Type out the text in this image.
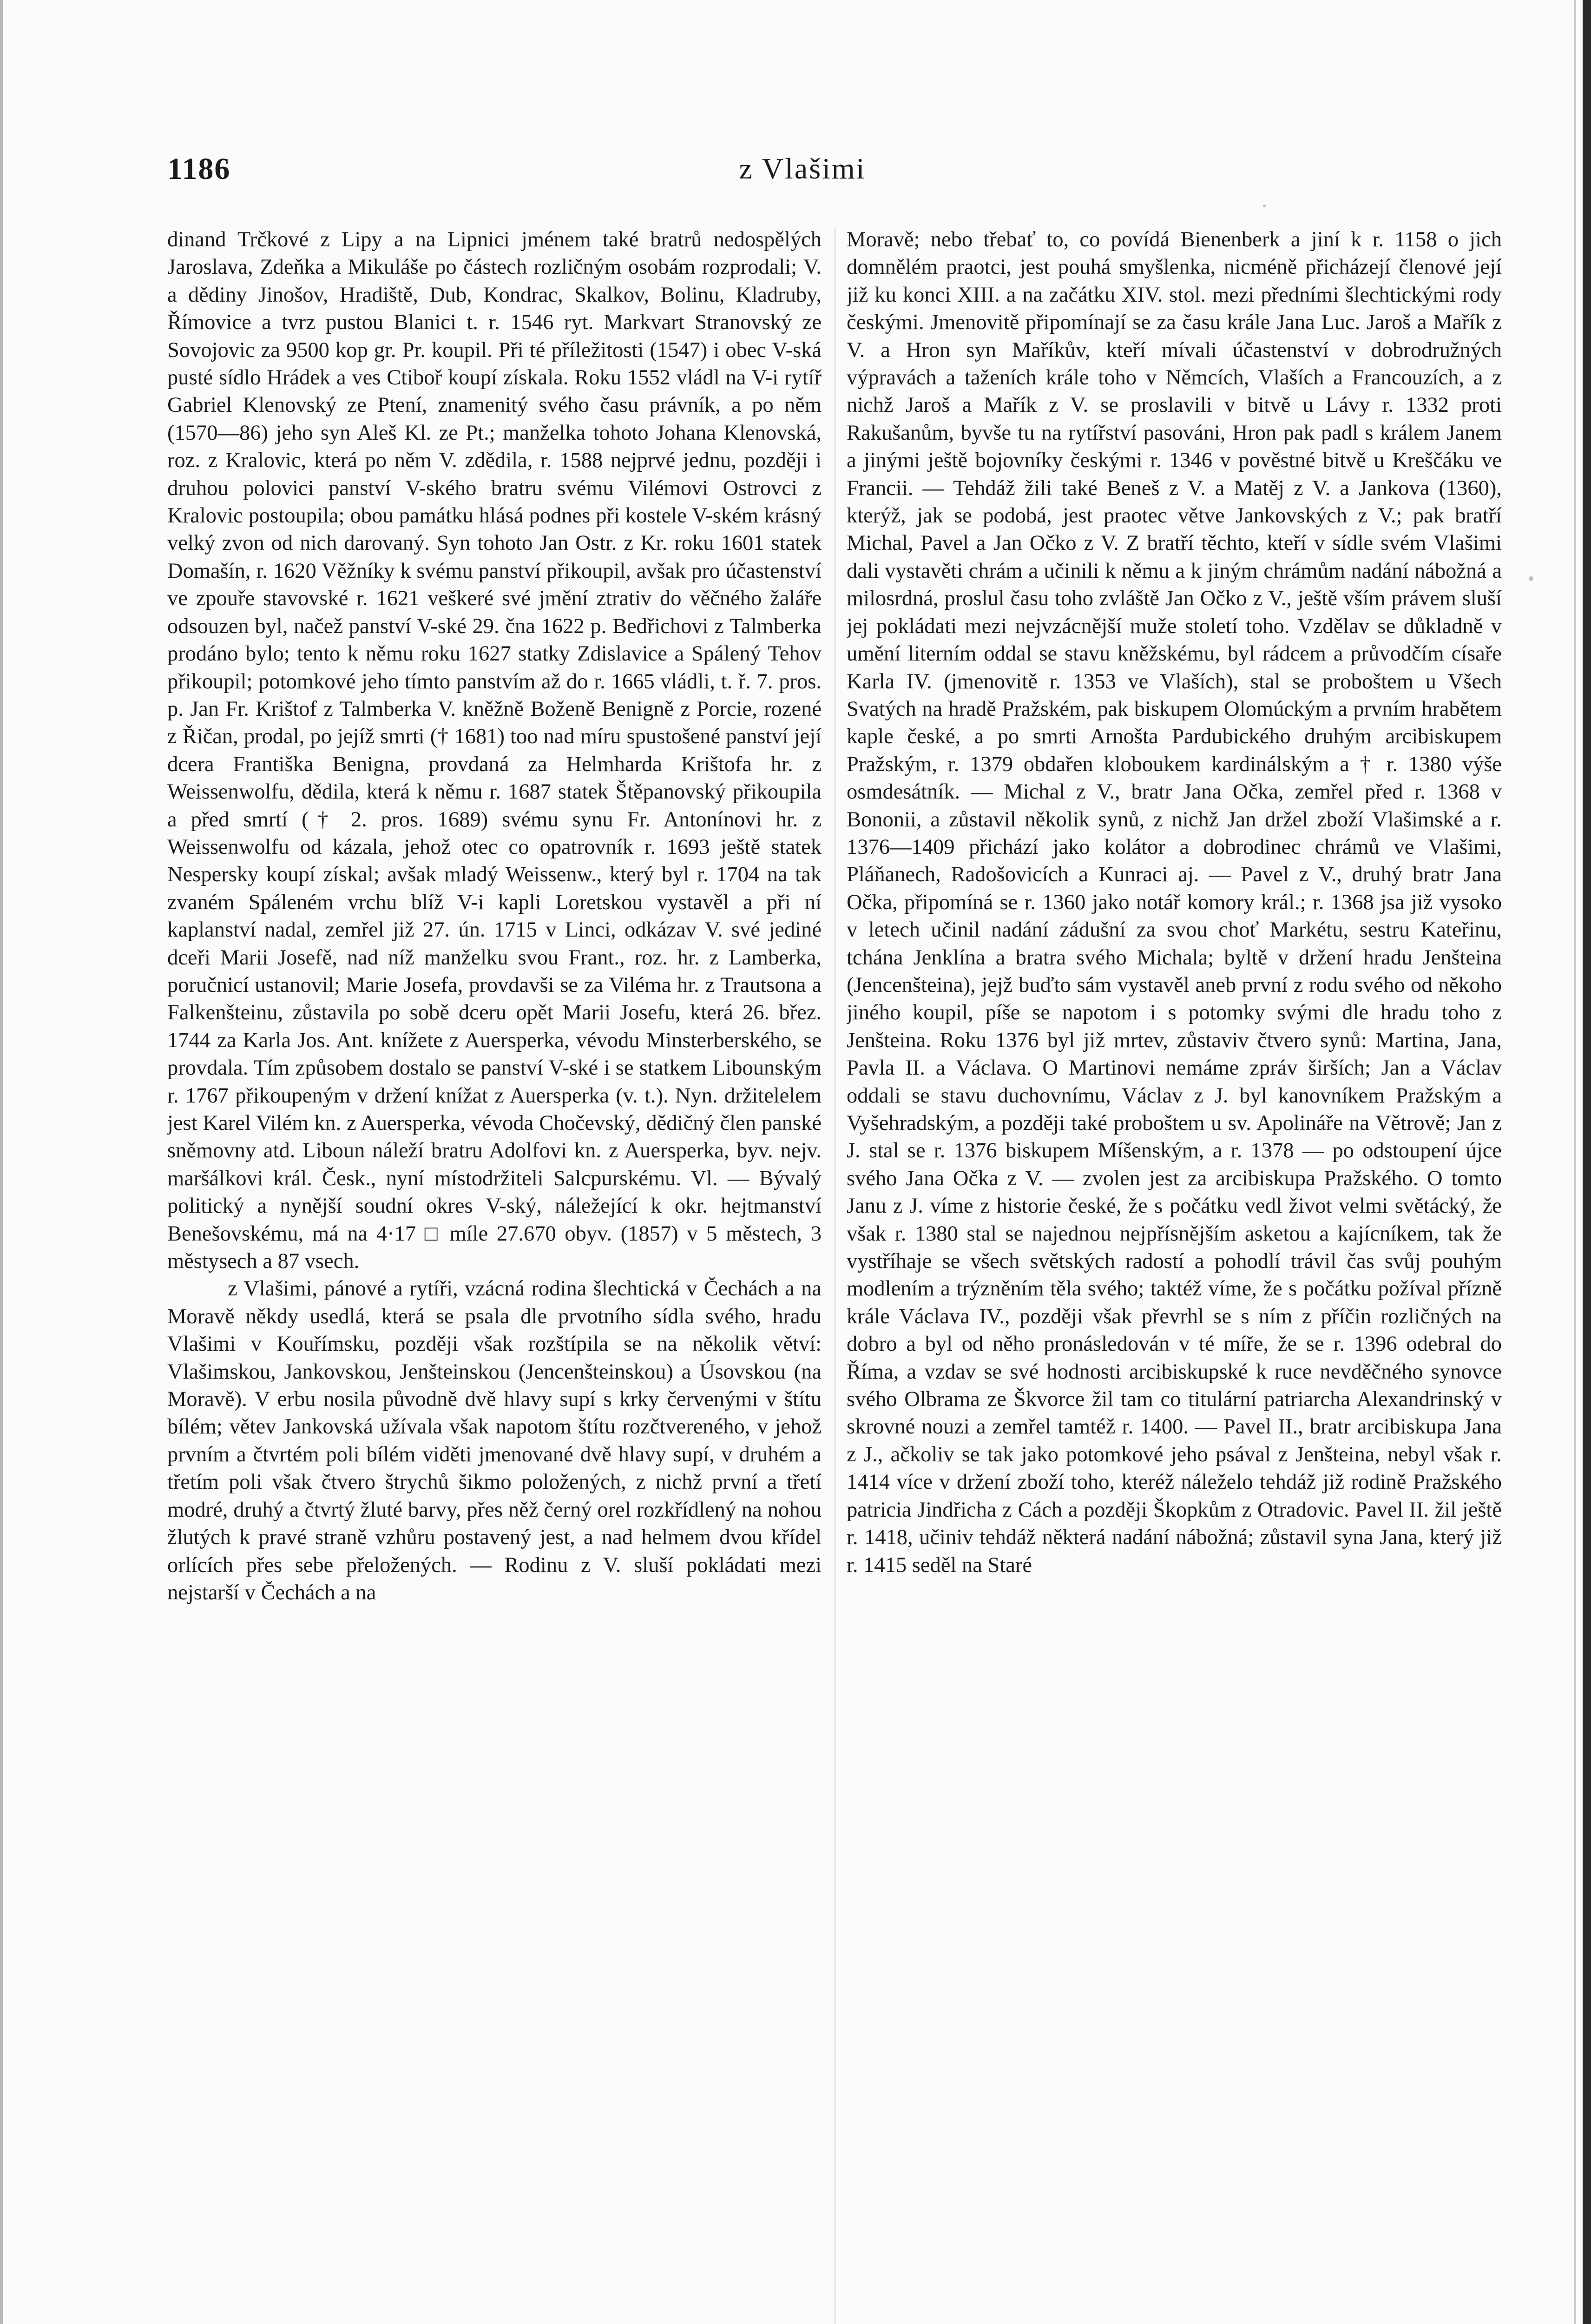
1186	z Vlašimi

dinand Trčkové z Lipy a na Lipnici jménem také bratrů nedospělých Jaroslava, Zdeňka a Mikuláše po částech rozličným osobám rozprodali; V. a dědiny Jinošov, Hradiště, Dub, Kondrac, Skalkov, Bolinu, Kladruby, Římovice a tvrz pustou Blanici t. r. 1546 ryt. Markvart Stranovský ze Sovojovic za 9500 kop gr. Pr. koupil. Při té příležitosti (1547) i obec V-ská pusté sídlo Hrádek a ves Ctiboř koupí získala. Roku 1552 vládl na V-i rytíř Gabriel Klenovský ze Ptení, znamenitý svého času právník, a po něm (1570—86) jeho syn Aleš Kl. ze Pt.; manželka tohoto Johana Klenovská, roz. z Kralovic, která po něm V. zdědila, r. 1588 nejprvé jednu, později i druhou polovici panství V-ského bratru svému Vilémovi Ostrovci z Kralovic postoupila; obou památku hlásá podnes při kostele V-ském krásný velký zvon od nich darovaný. Syn tohoto Jan Ostr. z Kr. roku 1601 statek Domašín, r. 1620 Věžníky k svému panství přikoupil, avšak pro účastenství ve zpouře stavovské r. 1621 veškeré své jmění ztrativ do věčného žaláře odsouzen byl, načež panství V-ské 29. čna 1622 p. Bedřichovi z Talmberka prodáno bylo; tento k němu roku 1627 statky Zdislavice a Spálený Tehov přikoupil; potomkové jeho tímto panstvím až do r. 1665 vládli, t. ř. 7. pros. p. Jan Fr. Krištof z Talmberka V. kněžně Boženě Benigně z Porcie, rozené z Řičan, prodal, po jejíž smrti († 1681) too nad míru spustošené panství její dcera Františka Benigna, provdaná za Helmharda Krištofa hr. z Weissenwolfu, dědila, která k němu r. 1687 statek Štěpanovský přikoupila a před smrtí († 2. pros. 1689) svému synu Fr. Antonínovi hr. z Weissenwolfu od kázala, jehož otec co opatrovník r. 1693 ještě statek Nespersky koupí získal; avšak mladý Weissenw., který byl r. 1704 na tak zvaném Spáleném vrchu blíž V-i kapli Loretskou vystavěl a při ní kaplanství nadal, zemřel již 27. ún. 1715 v Linci, odkázav V. své jediné dceři Marii Josefě, nad níž manželku svou Frant., roz. hr. z Lamberka, poručnicí ustanovil; Marie Josefa, provdavši se za Viléma hr. z Trautsona a Falkenšteinu, zůstavila po sobě dceru opět Marii Josefu, která 26. břez. 1744 za Karla Jos. Ant. knížete z Auersperka, vévodu Minsterberského, se provdala. Tím způsobem dostalo se panství V-ské i se statkem Libounským r. 1767 přikoupeným v držení knížat z Auersperka (v. t.). Nyn. držitelelem jest Karel Vilém kn. z Auersperka, vévoda Chočevský, dědičný člen panské sněmovny atd. Liboun náleží bratru Adolfovi kn. z Auersperka, byv. nejv. maršálkovi král. Česk., nyní místodržiteli Salcpurskému. Vl. — Bývalý politický a nynější soudní okres V-ský, náležející k okr. hejtmanství Benešovskému, má na 4·17 □ míle 27.670 obyv. (1857) v 5 městech, 3 městysech a 87 vsech.

z Vlašimi, pánové a rytíři, vzácná rodina šlechtická v Čechách a na Moravě někdy usedlá, která se psala dle prvotního sídla svého, hradu Vlašimi v Kouřímsku, později však rozštípila se na několik větví: Vlašimskou, Jankovskou, Jenšteinskou (Jencenšteinskou) a Úsovskou (na Moravě). V erbu nosila původně dvě hlavy supí s krky červenými v štítu bílém; větev Jankovská užívala však napotom štítu rozčtvereného, v jehož prvním a čtvrtém poli bílém viděti jmenované dvě hlavy supí, v druhém a třetím poli však čtvero štrychů šikmo položených, z nichž první a třetí modré, druhý a čtvrtý žluté barvy, přes něž černý orel rozkřídlený na nohou žlutých k pravé straně vzhůru postavený jest, a nad helmem dvou křídel orlících přes sebe přeložených. — Rodinu z V. sluší pokládati mezi nejstarší v Čechách a na

Moravě; nebo třebať to, co povídá Bienenberk a jiní k r. 1158 o jich domnělém praotci, jest pouhá smyšlenka, nicméně přicházejí členové její již ku konci XIII. a na začátku XIV. stol. mezi předními šlechtickými rody českými. Jmenovitě připomínají se za času krále Jana Luc. Jaroš a Mařík z V. a Hron syn Maříkův, kteří mívali účastenství v dobrodružných výpravách a taženích krále toho v Němcích, Vlaších a Francouzích, a z nichž Jaroš a Mařík z V. se proslavili v bitvě u Lávy r. 1332 proti Rakušanům, byvše tu na rytířství pasováni, Hron pak padl s králem Janem a jinými ještě bojovníky českými r. 1346 v pověstné bitvě u Kreščáku ve Francii. — Tehdáž žili také Beneš z V. a Matěj z V. a Jankova (1360), kterýž, jak se podobá, jest praotec větve Jankovských z V.; pak bratří Michal, Pavel a Jan Očko z V. Z bratří těchto, kteří v sídle svém Vlašimi dali vystavěti chrám a učinili k němu a k jiným chrámům nadání nábožná a milosrdná, proslul času toho zvláště Jan Očko z V., ještě vším právem sluší jej pokládati mezi nejvzácnější muže století toho. Vzdělav se důkladně v umění literním oddal se stavu kněžskému, byl rádcem a průvodčím císaře Karla IV. (jmenovitě r. 1353 ve Vlaších), stal se proboštem u Všech Svatých na hradě Pražském, pak biskupem Olomúckým a prvním hrabětem kaple české, a po smrti Arnošta Pardubického druhým arcibiskupem Pražským, r. 1379 obdařen kloboukem kardinálským a † r. 1380 výše osmdesátník. — Michal z V., bratr Jana Očka, zemřel před r. 1368 v Bononii, a zůstavil několik synů, z nichž Jan držel zboží Vlašimské a r. 1376—1409 přichází jako kolátor a dobrodinec chrámů ve Vlašimi, Pláňanech, Radošovicích a Kunraci aj. — Pavel z V., druhý bratr Jana Očka, připomíná se r. 1360 jako notář komory král.; r. 1368 jsa již vysoko v letech učinil nadání zádušní za svou choť Markétu, sestru Kateřinu, tchána Jenklína a bratra svého Michala; byltě v držení hradu Jenšteina (Jencenšteina), jejž buďto sám vystavěl aneb první z rodu svého od někoho jiného koupil, píše se napotom i s potomky svými dle hradu toho z Jenšteina. Roku 1376 byl již mrtev, zůstaviv čtvero synů: Martina, Jana, Pavla II. a Václava. O Martinovi nemáme zpráv širších; Jan a Václav oddali se stavu duchovnímu, Václav z J. byl kanovníkem Pražským a Vyšehradským, a později také proboštem u sv. Apolináře na Větrově; Jan z J. stal se r. 1376 biskupem Míšenským, a r. 1378 — po odstoupení újce svého Jana Očka z V. — zvolen jest za arcibiskupa Pražského. O tomto Janu z J. víme z historie české, že s počátku vedl život velmi světácký, že však r. 1380 stal se najednou nejpřísnějším asketou a kajícníkem, tak že vystříhaje se všech světských radostí a pohodlí trávil čas svůj pouhým modlením a trýzněním těla svého; taktéž víme, že s počátku požíval přízně krále Václava IV., později však převrhl se s ním z příčin rozličných na dobro a byl od něho pronásledován v té míře, že se r. 1396 odebral do Říma, a vzdav se své hodnosti arcibiskupské k ruce nevděčného synovce svého Olbrama ze Škvorce žil tam co titulární patriarcha Alexandrinský v skrovné nouzi a zemřel tamtéž r. 1400. — Pavel II., bratr arcibiskupa Jana z J., ačkoliv se tak jako potomkové jeho psával z Jenšteina, nebyl však r. 1414 více v držení zboží toho, kteréž náleželo tehdáž již rodině Pražského patricia Jindřicha z Cách a později Škopkům z Otradovic. Pavel II. žil ještě r. 1418, učiniv tehdáž některá nadání nábožná; zůstavil syna Jana, který již r. 1415 seděl na Staré
